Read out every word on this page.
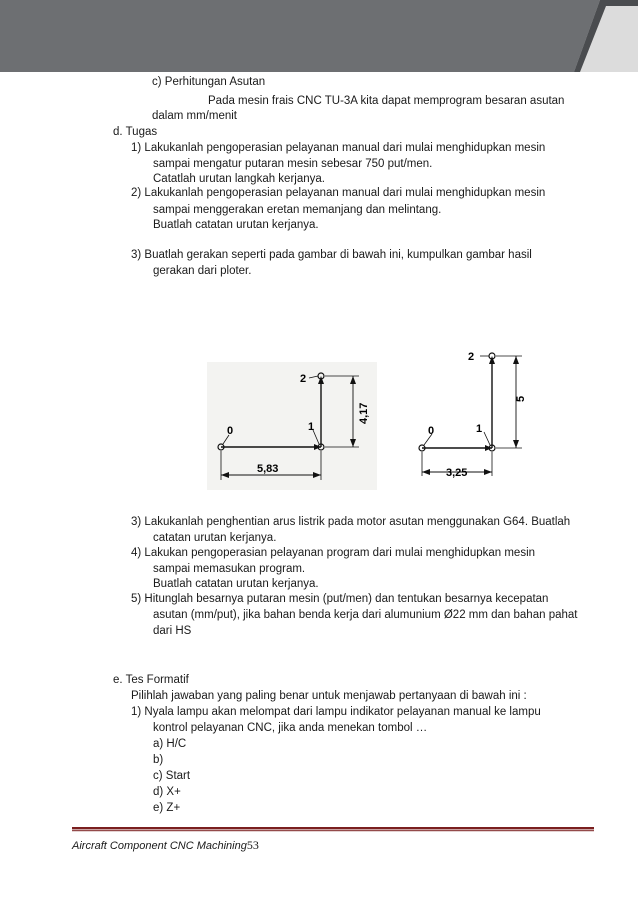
c) Perhitungan Asutan
Pada mesin frais CNC TU-3A kita dapat memprogram besaran asutan
dalam mm/menit
d. Tugas
1) Lakukanlah pengoperasian pelayanan manual dari mulai menghidupkan mesin
sampai mengatur putaran mesin sebesar 750 put/men.
Catatlah urutan langkah kerjanya.
2) Lakukanlah pengoperasian pelayanan manual dari mulai menghidupkan mesin
sampai menggerakan eretan memanjang dan melintang.
Buatlah catatan urutan kerjanya.
3) Buatlah gerakan seperti pada gambar di bawah ini, kumpulkan gambar hasil
gerakan dari ploter.
0	1
2
5,83
4,17
0	1
2
3,25
5
3) Lakukanlah penghentian arus listrik pada motor asutan menggunakan G64. Buatlah
catatan urutan kerjanya.
4) Lakukan pengoperasian pelayanan program dari mulai menghidupkan mesin
sampai memasukan program.
Buatlah catatan urutan kerjanya.
5) Hitunglah besarnya putaran mesin (put/men) dan tentukan besarnya kecepatan
asutan (mm/put), jika bahan benda kerja dari alumunium Ø22 mm dan bahan pahat
dari HS
e. Tes Formatif
Pilihlah jawaban yang paling benar untuk menjawab pertanyaan di bawah ini :
1) Nyala lampu akan melompat dari lampu indikator pelayanan manual ke lampu
kontrol pelayanan CNC, jika anda menekan tombol …
a) H/C
b)
c) Start
d) X+
e) Z+
Aircraft Component CNC Machining53
